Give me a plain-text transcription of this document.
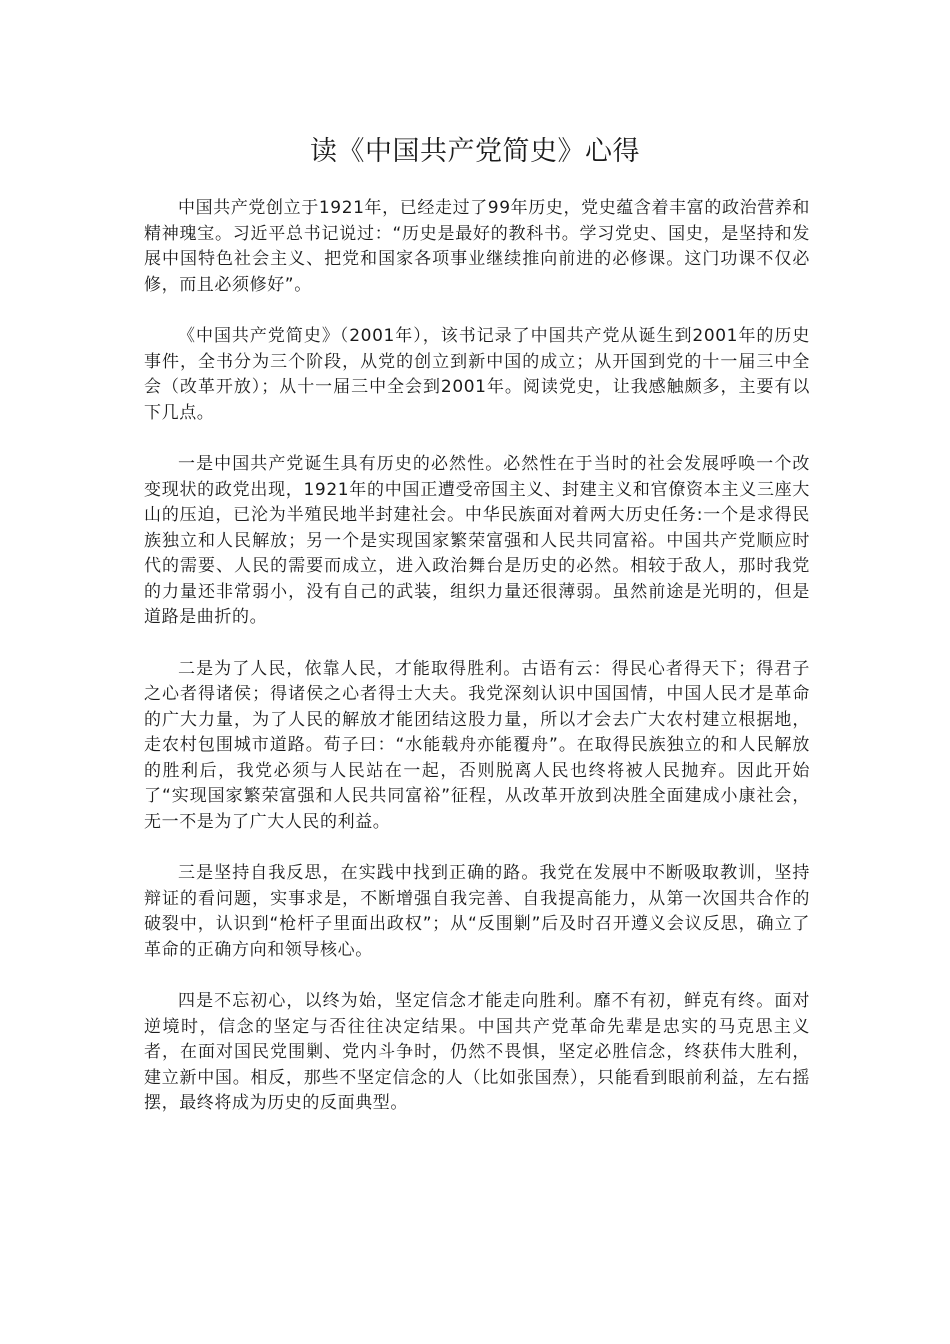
读《中国共产党简史》心得

中国共产党创立于1921年，已经走过了99年历史，党史蕴含着丰富的政治营养和精神瑰宝。习近平总书记说过：“历史是最好的教科书。学习党史、国史，是坚持和发展中国特色社会主义、把党和国家各项事业继续推向前进的必修课。这门功课不仅必修，而且必须修好”。

《中国共产党简史》（2001年），该书记录了中国共产党从诞生到2001年的历史事件，全书分为三个阶段，从党的创立到新中国的成立；从开国到党的十一届三中全会（改革开放）；从十一届三中全会到2001年。阅读党史，让我感触颇多，主要有以下几点。

一是中国共产党诞生具有历史的必然性。必然性在于当时的社会发展呼唤一个改变现状的政党出现，1921年的中国正遭受帝国主义、封建主义和官僚资本主义三座大山的压迫，已沦为半殖民地半封建社会。中华民族面对着两大历史任务:一个是求得民族独立和人民解放；另一个是实现国家繁荣富强和人民共同富裕。中国共产党顺应时代的需要、人民的需要而成立，进入政治舞台是历史的必然。相较于敌人，那时我党的力量还非常弱小，没有自己的武装，组织力量还很薄弱。虽然前途是光明的，但是道路是曲折的。

二是为了人民，依靠人民，才能取得胜利。古语有云：得民心者得天下；得君子之心者得诸侯；得诸侯之心者得士大夫。我党深刻认识中国国情，中国人民才是革命的广大力量，为了人民的解放才能团结这股力量，所以才会去广大农村建立根据地，走农村包围城市道路。荀子曰：“水能载舟亦能覆舟”。在取得民族独立的和人民解放的胜利后，我党必须与人民站在一起，否则脱离人民也终将被人民抛弃。因此开始了“实现国家繁荣富强和人民共同富裕”征程，从改革开放到决胜全面建成小康社会，无一不是为了广大人民的利益。

三是坚持自我反思，在实践中找到正确的路。我党在发展中不断吸取教训，坚持辩证的看问题，实事求是，不断增强自我完善、自我提高能力，从第一次国共合作的破裂中，认识到“枪杆子里面出政权”；从“反围剿”后及时召开遵义会议反思，确立了革命的正确方向和领导核心。

四是不忘初心，以终为始，坚定信念才能走向胜利。靡不有初，鲜克有终。面对逆境时，信念的坚定与否往往决定结果。中国共产党革命先辈是忠实的马克思主义者，在面对国民党围剿、党内斗争时，仍然不畏惧，坚定必胜信念，终获伟大胜利，建立新中国。相反，那些不坚定信念的人（比如张国焘），只能看到眼前利益，左右摇摆，最终将成为历史的反面典型。
